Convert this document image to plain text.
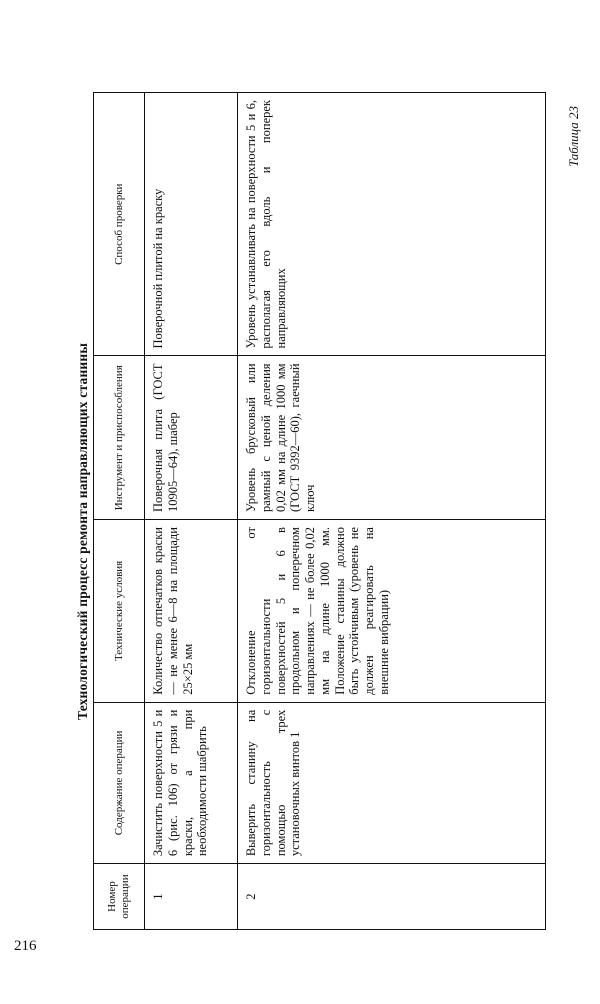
216
Технологический процесс ремонта направляющих станины
Таблица 23
Номер операции	Содержание операции	Технические условия	Инструмент и приспособления	Способ проверки
1	Зачистить поверхности 5 и 6 (рис. 106) от грязи и краски, а при необходимости шабрить	Количество отпечатков краски — не менее 6—8 на площади 25×25 мм	Поверочная плита (ГОСТ 10905—64), шабер	Поверочной плитой на краску
2	Выверить станину на горизонтальность с помощью трех установочных винтов 1	Отклонение от горизонтальности поверхностей 5 и 6 в продольном и поперечном направлениях — не более 0,02 мм на длине 1000 мм. Положение станины должно быть устойчивым (уровень не должен реагировать на внешние вибрации)	Уровень брусковый или рамный с ценой деления 0,02 мм на длине 1000 мм (ГОСТ 9392—60), гаечный ключ	Уровень устанавливать на поверхности 5 и 6, располагая его вдоль и поперек направляющих
